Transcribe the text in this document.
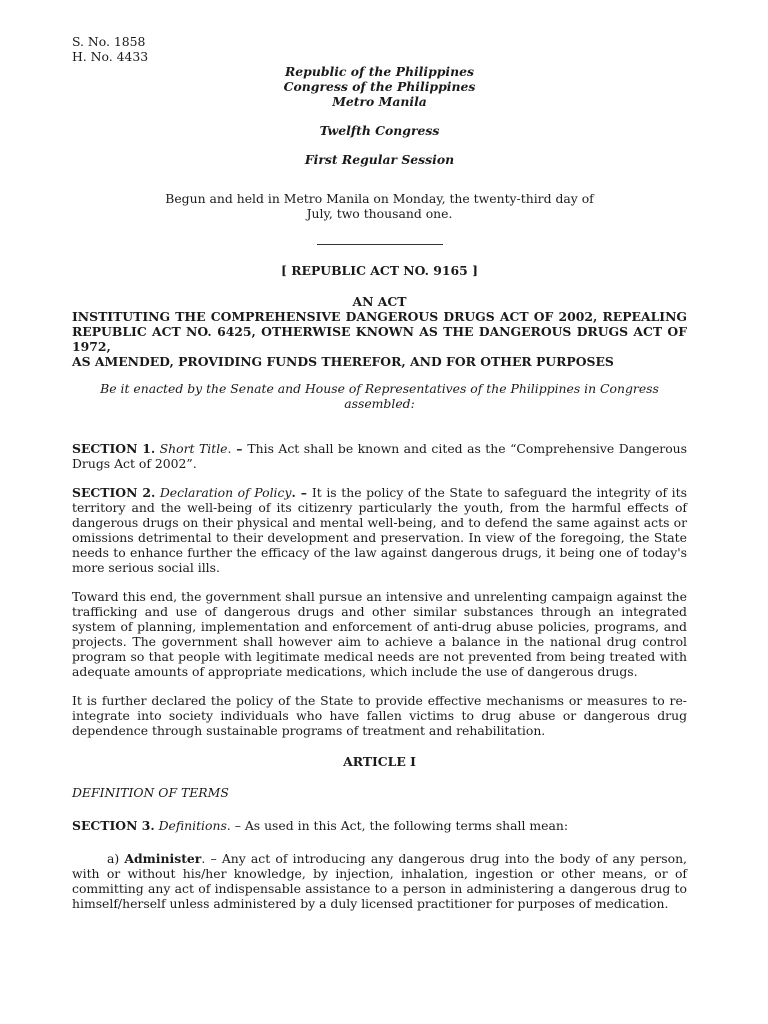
S. No. 1858
H. No. 4433
Republic of the Philippines
Congress of the Philippines
Metro Manila
Twelfth Congress
First Regular Session
Begun and held in Metro Manila on Monday, the twenty-third day of
July, two thousand one.
[ REPUBLIC ACT NO. 9165 ]
AN ACT
INSTITUTING THE COMPREHENSIVE DANGEROUS DRUGS ACT OF 2002, REPEALING
REPUBLIC ACT NO. 6425, OTHERWISE KNOWN AS THE DANGEROUS DRUGS ACT OF 1972,
AS AMENDED, PROVIDING FUNDS THEREFOR, AND FOR OTHER PURPOSES
Be it enacted by the Senate and House of Representatives of the Philippines in Congress assembled:
SECTION 1. Short Title. – This Act shall be known and cited as the “Comprehensive Dangerous Drugs Act of 2002”.
SECTION 2. Declaration of Policy. – It is the policy of the State to safeguard the integrity of its territory and the well-being of its citizenry particularly the youth, from the harmful effects of dangerous drugs on their physical and mental well-being, and to defend the same against acts or omissions detrimental to their development and preservation. In view of the foregoing, the State needs to enhance further the efficacy of the law against dangerous drugs, it being one of today's more serious social ills.
Toward this end, the government shall pursue an intensive and unrelenting campaign against the trafficking and use of dangerous drugs and other similar substances through an integrated system of planning, implementation and enforcement of anti-drug abuse policies, programs, and projects. The government shall however aim to achieve a balance in the national drug control program so that people with legitimate medical needs are not prevented from being treated with adequate amounts of appropriate medications, which include the use of dangerous drugs.
It is further declared the policy of the State to provide effective mechanisms or measures to re-integrate into society individuals who have fallen victims to drug abuse or dangerous drug dependence through sustainable programs of treatment and rehabilitation.
ARTICLE I
DEFINITION OF TERMS
SECTION 3. Definitions. – As used in this Act, the following terms shall mean:
a) Administer. – Any act of introducing any dangerous drug into the body of any person, with or without his/her knowledge, by injection, inhalation, ingestion or other means, or of committing any act of indispensable assistance to a person in administering a dangerous drug to himself/herself unless administered by a duly licensed practitioner for purposes of medication.
